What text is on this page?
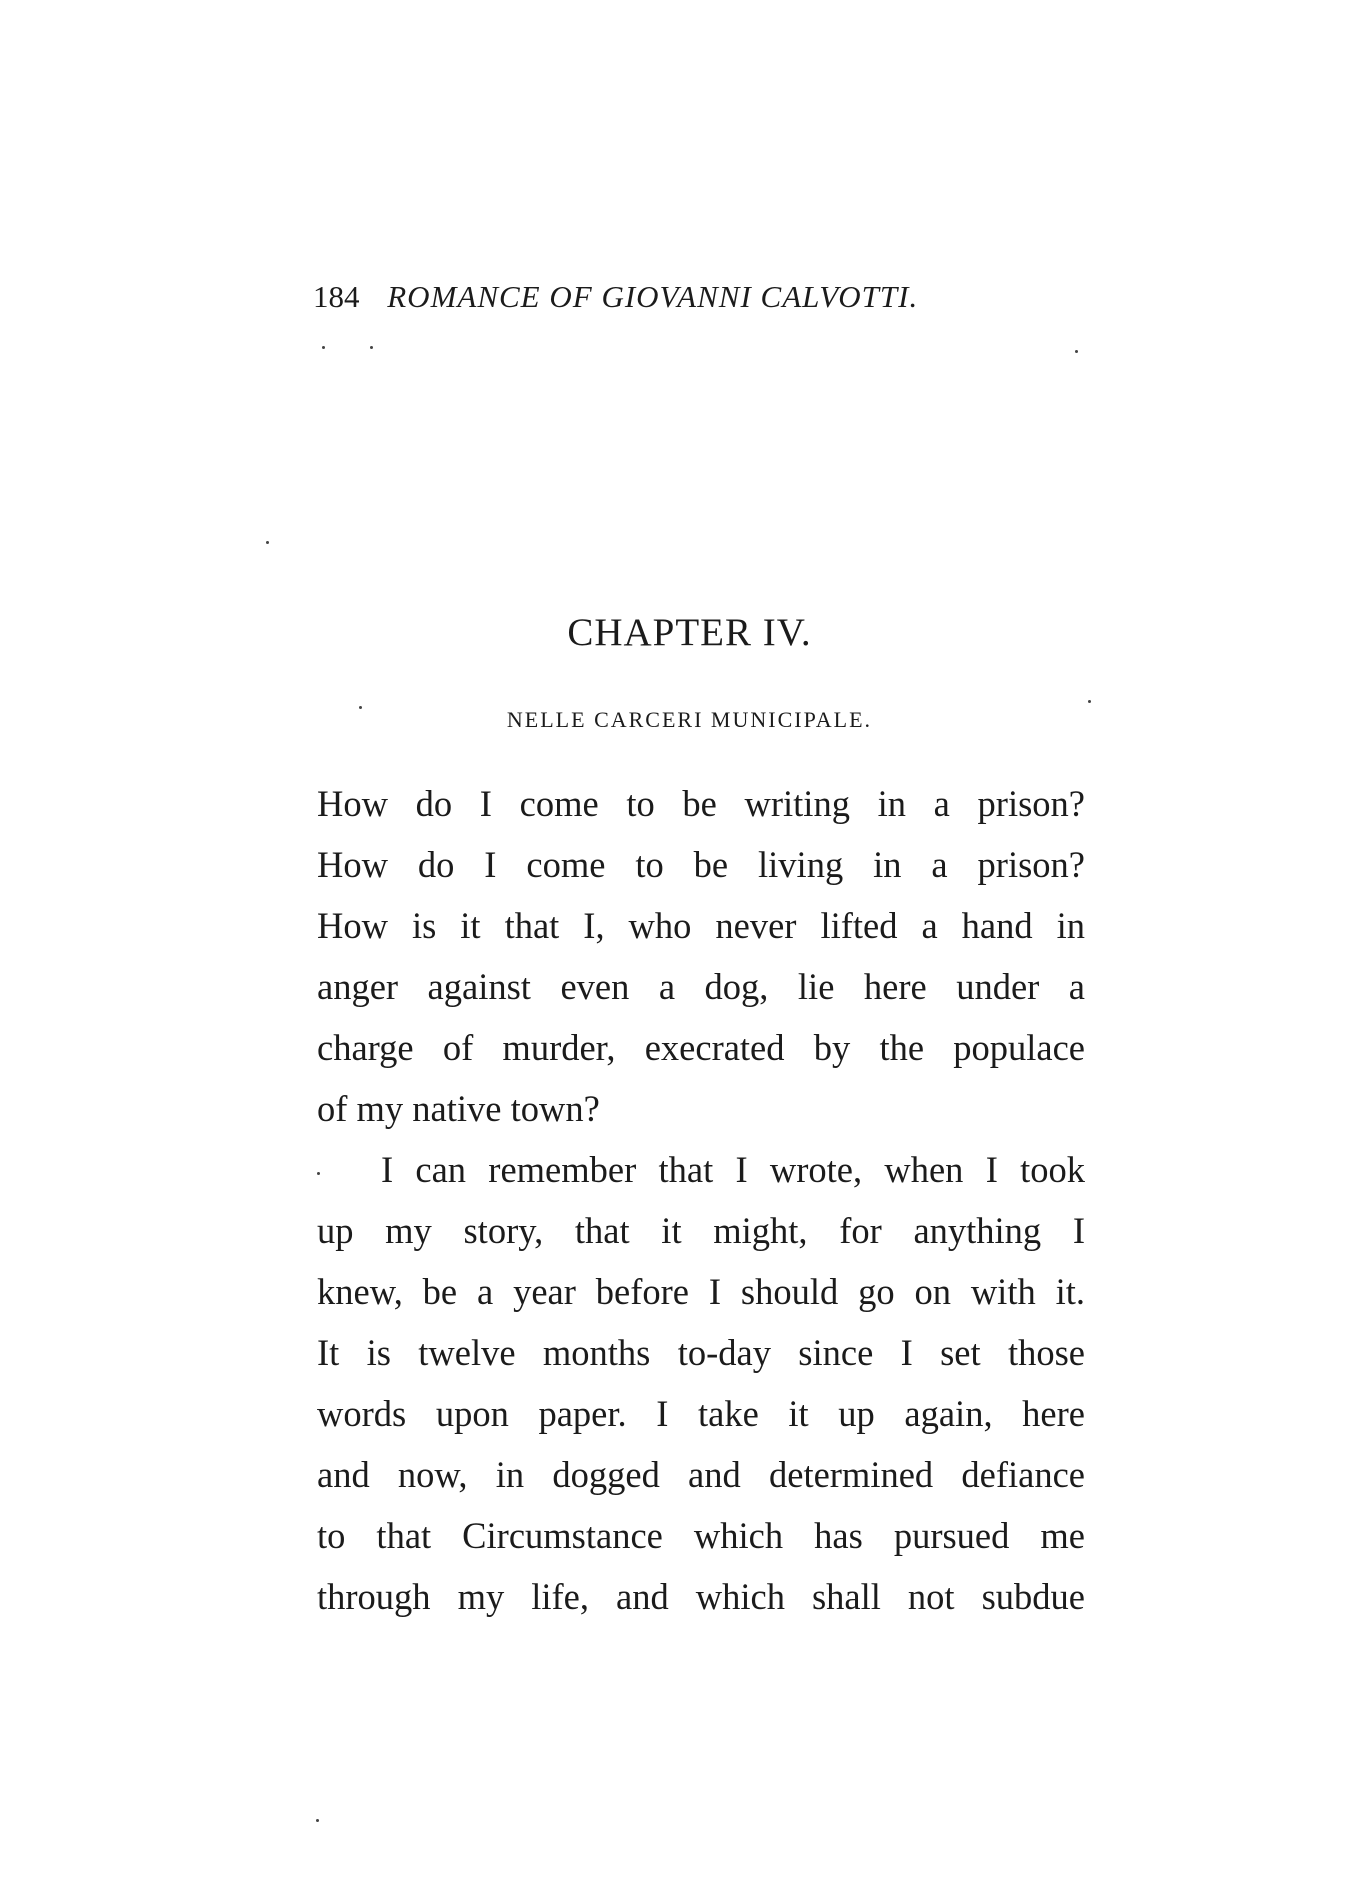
184 ROMANCE OF GIOVANNI CALVOTTI.
CHAPTER IV.
NELLE CARCERI MUNICIPALE.
How do I come to be writing in a prison?
How do I come to be living in a prison?
How is it that I, who never lifted a hand in
anger against even a dog, lie here under a
charge of murder, execrated by the populace
of my native town?
I can remember that I wrote, when I took
up my story, that it might, for anything I
knew, be a year before I should go on with it.
It is twelve months to-day since I set those
words upon paper. I take it up again, here
and now, in dogged and determined defiance
to that Circumstance which has pursued me
through my life, and which shall not subdue
